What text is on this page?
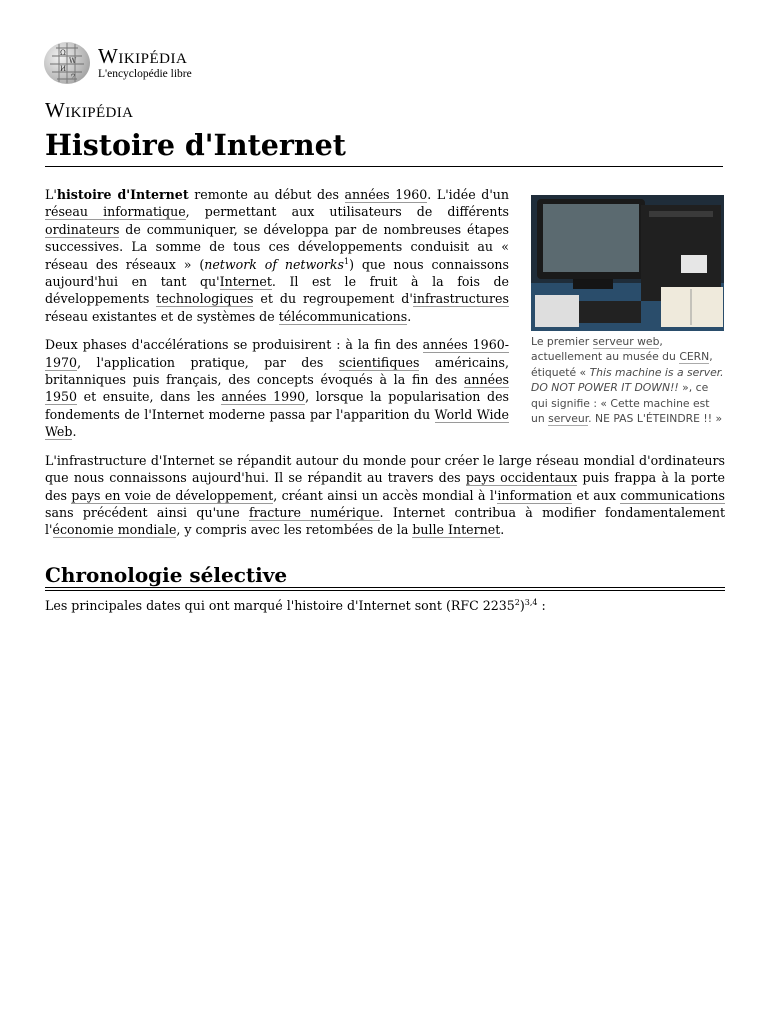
Ω
W
И
ウ
Wikipédia
L'encyclopédie libre
Wikipédia
Histoire d'Internet
Le premier serveur web, actuellement au musée du CERN, étiqueté « This machine is a server. DO NOT POWER IT DOWN!! », ce qui signifie : « Cette machine est un serveur. NE PAS L'ÉTEINDRE !! »

L'histoire d'Internet remonte au début des années 1960. L'idée d'un réseau informatique, permettant aux utilisateurs de différents ordinateurs de communiquer, se développa par de nombreuses étapes successives. La somme de tous ces développements conduisit au « réseau des réseaux » (network of networks$^1$) que nous connaissons aujourd'hui en tant qu'Internet. Il est le fruit à la fois de développements technologiques et du regroupement d'infrastructures réseau existantes et de systèmes de télécommunications.

Deux phases d'accélérations se produisirent : à la fin des années 1960-1970, l'application pratique, par des scientifiques américains, britanniques puis français, des concepts évoqués à la fin des années 1950 et ensuite, dans les années 1990, lorsque la popularisation des fondements de l'Internet moderne passa par l'apparition du World Wide Web.

L'infrastructure d'Internet se répandit autour du monde pour créer le large réseau mondial d'ordinateurs que nous connaissons aujourd'hui. Il se répandit au travers des pays occidentaux puis frappa à la porte des pays en voie de développement, créant ainsi un accès mondial à l'information et aux communications sans précédent ainsi qu'une fracture numérique. Internet contribua à modifier fondamentalement l'économie mondiale, y compris avec les retombées de la bulle Internet.

Chronologie sélective

Les principales dates qui ont marqué l'histoire d'Internet sont (RFC 2235$^2$)$^{3,4}$ :
